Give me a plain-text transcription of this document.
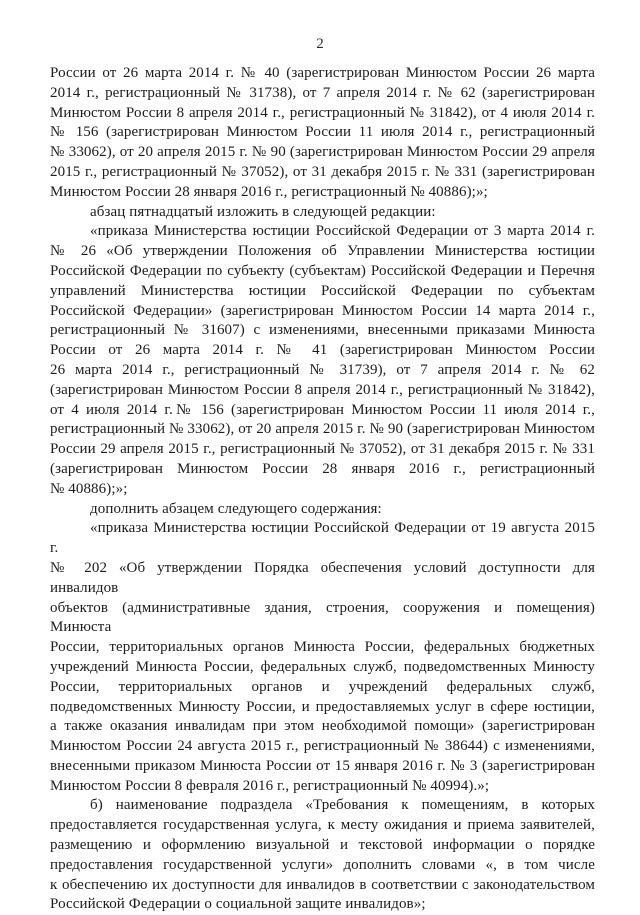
2
России от 26 марта 2014 г. № 40 (зарегистрирован Минюстом России 26 марта
2014 г., регистрационный № 31738), от 7 апреля 2014 г. № 62 (зарегистрирован
Минюстом России 8 апреля 2014 г., регистрационный № 31842), от 4 июля 2014 г.
№ 156 (зарегистрирован Минюстом России 11 июля 2014 г., регистрационный
№ 33062), от 20 апреля 2015 г. № 90 (зарегистрирован Минюстом России 29 апреля
2015 г., регистрационный № 37052), от 31 декабря 2015 г. № 331 (зарегистрирован
Минюстом России 28 января 2016 г., регистрационный № 40886);»;
абзац пятнадцатый изложить в следующей редакции:
«приказа Министерства юстиции Российской Федерации от 3 марта 2014 г.
№ 26 «Об утверждении Положения об Управлении Министерства юстиции
Российской Федерации по субъекту (субъектам) Российской Федерации и Перечня
управлений Министерства юстиции Российской Федерации по субъектам
Российской Федерации» (зарегистрирован Минюстом России 14 марта 2014 г.,
регистрационный № 31607) с изменениями, внесенными приказами Минюста
России от 26 марта 2014 г. № 41 (зарегистрирован Минюстом России
26 марта 2014 г., регистрационный № 31739), от 7 апреля 2014 г. № 62
(зарегистрирован Минюстом России 8 апреля 2014 г., регистрационный № 31842),
от 4 июля 2014 г.№ 156 (зарегистрирован Минюстом России 11 июля 2014 г.,
регистрационный № 33062), от 20 апреля 2015 г. № 90 (зарегистрирован Минюстом
России 29 апреля 2015 г., регистрационный № 37052), от 31 декабря 2015 г. № 331
(зарегистрирован Минюстом России 28 января 2016 г., регистрационный
№ 40886);»;
дополнить абзацем следующего содержания:
«приказа Министерства юстиции Российской Федерации от 19 августа 2015 г.
№ 202 «Об утверждении Порядка обеспечения условий доступности для инвалидов
объектов (административные здания, строения, сооружения и помещения) Минюста
России, территориальных органов Минюста России, федеральных бюджетных
учреждений Минюста России, федеральных служб, подведомственных Минюсту
России, территориальных органов и учреждений федеральных служб,
подведомственных Минюсту России, и предоставляемых услуг в сфере юстиции,
а также оказания инвалидам при этом необходимой помощи» (зарегистрирован
Минюстом России 24 августа 2015 г., регистрационный № 38644) с изменениями,
внесенными приказом Минюста России от 15 января 2016 г. № 3 (зарегистрирован
Минюстом России 8 февраля 2016 г., регистрационный № 40994).»;
б) наименование подраздела «Требования к помещениям, в которых
предоставляется государственная услуга, к месту ожидания и приема заявителей,
размещению и оформлению визуальной и текстовой информации о порядке
предоставления государственной услуги» дополнить словами «, в том числе
к обеспечению их доступности для инвалидов в соответствии с законодательством
Российской Федерации о социальной защите инвалидов»;
